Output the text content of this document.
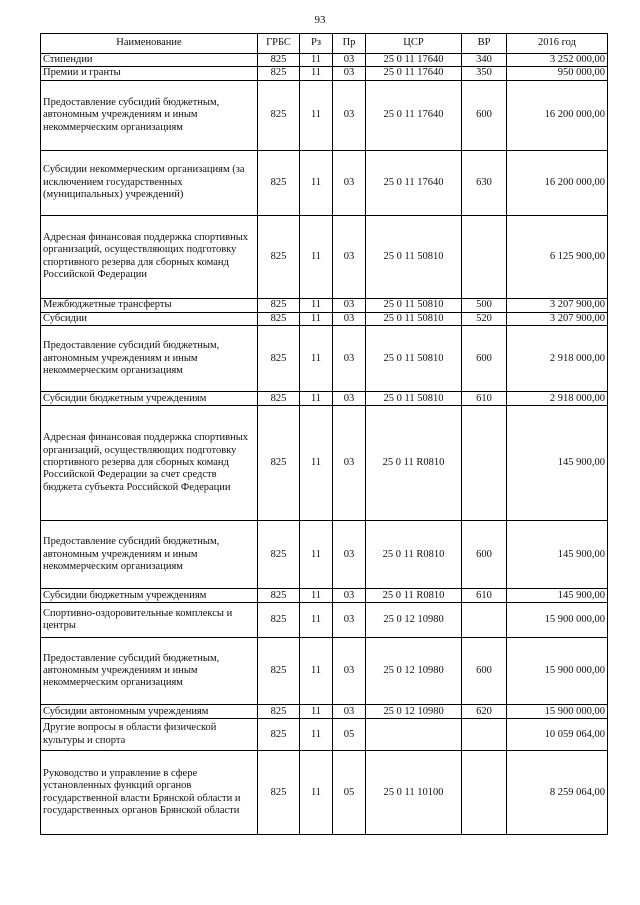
93
Наименование	ГРБС	Рз	Пр	ЦСР	ВР	2016 год
Стипендии	825	11	03	25 0 11 17640	340	3 252 000,00
Премии и гранты	825	11	03	25 0 11 17640	350	950 000,00
Предоставление субсидий бюджетным, автономным учреждениям и иным некоммерческим организациям	825	11	03	25 0 11 17640	600	16 200 000,00
Субсидии некоммерческим организациям (за исключением государственных (муниципальных) учреждений)	825	11	03	25 0 11 17640	630	16 200 000,00
Адресная финансовая поддержка спортивных организаций, осуществляющих подготовку спортивного резерва для сборных команд Российской Федерации	825	11	03	25 0 11 50810		6 125 900,00
Межбюджетные трансферты	825	11	03	25 0 11 50810	500	3 207 900,00
Субсидии	825	11	03	25 0 11 50810	520	3 207 900,00
Предоставление субсидий бюджетным, автономным учреждениям и иным некоммерческим организациям	825	11	03	25 0 11 50810	600	2 918 000,00
Субсидии бюджетным учреждениям	825	11	03	25 0 11 50810	610	2 918 000,00
Адресная финансовая поддержка спортивных организаций, осуществляющих подготовку спортивного резерва для сборных команд Российской Федерации за счет средств бюджета субъекта Российской Федерации	825	11	03	25 0 11 R0810		145 900,00
Предоставление субсидий бюджетным, автономным учреждениям и иным некоммерческим организациям	825	11	03	25 0 11 R0810	600	145 900,00
Субсидии бюджетным учреждениям	825	11	03	25 0 11 R0810	610	145 900,00
Спортивно-оздоровительные комплексы и центры	825	11	03	25 0 12 10980		15 900 000,00
Предоставление субсидий бюджетным, автономным учреждениям и иным некоммерческим организациям	825	11	03	25 0 12 10980	600	15 900 000,00
Субсидии автономным учреждениям	825	11	03	25 0 12 10980	620	15 900 000,00
Другие вопросы в области физической культуры и спорта	825	11	05			10 059 064,00
Руководство и управление в сфере установленных функций органов государственной власти Брянской области и государственных органов Брянской области	825	11	05	25 0 11 10100		8 259 064,00
